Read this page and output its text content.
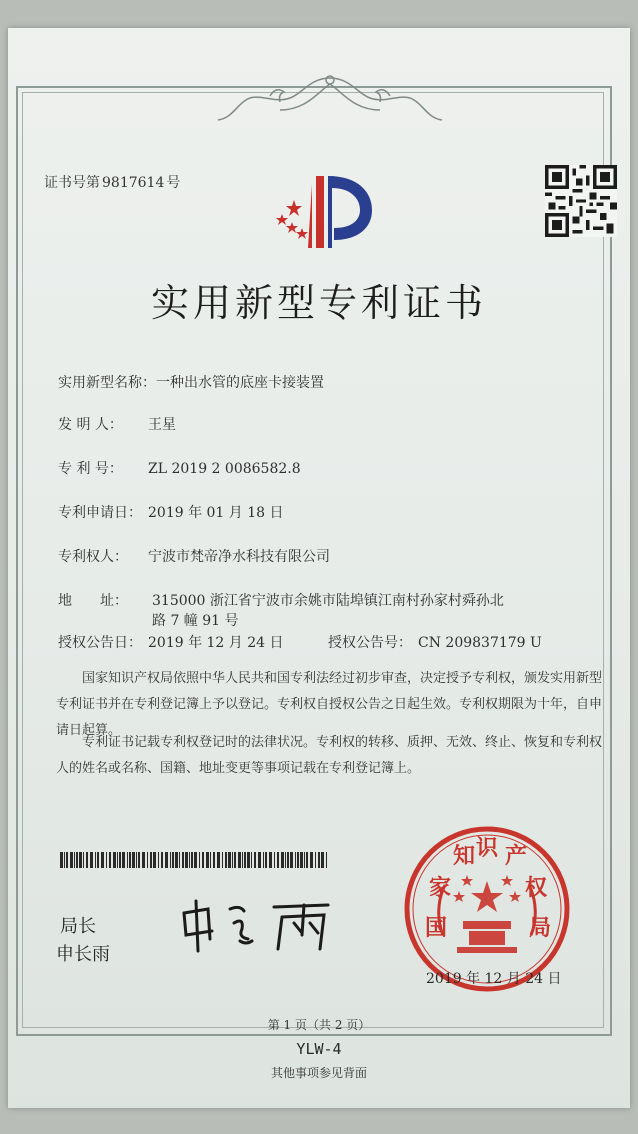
证书号第 9817614 号
实用新型专利证书
实用新型名称：一种出水管的底座卡接装置
发 明 人： 王星
专 利 号： ZL 2019 2 0086582.8
专利申请日： 2019 年 01 月 18 日
专利权人： 宁波市梵帝净水科技有限公司
地　　址： 315000 浙江省宁波市余姚市陆埠镇江南村孙家村舜孙北
路 7 幢 91 号
授权公告日： 2019 年 12 月 24 日	授权公告号： CN 209837179 U
国家知识产权局依照中华人民共和国专利法经过初步审查，决定授予专利权，颁发实用新型专利证书并在专利登记簿上予以登记。专利权自授权公告之日起生效。专利权期限为十年，自申请日起算。
专利证书记载专利权登记时的法律状况。专利权的转移、质押、无效、终止、恢复和专利权人的姓名或名称、国籍、地址变更等事项记载在专利登记簿上。
局长
申长雨
国
家
知 识 产
权
局
2019 年 12 月 24 日
第 1 页（共 2 页）
YLW-4
其他事项参见背面
